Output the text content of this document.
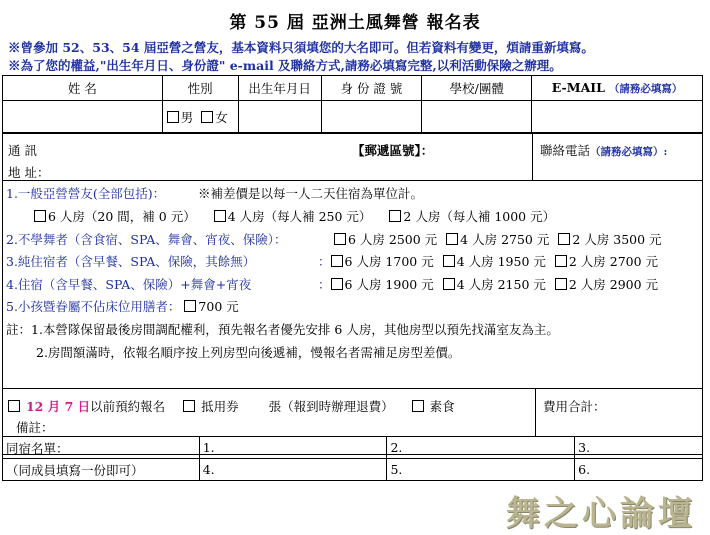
第 55 屆 亞洲土風舞營 報名表
※曾參加 52、53、54 屆亞營之營友，基本資料只須填您的大名即可。但若資料有變更，煩請重新填寫。
※為了您的權益,"出生年月日、身份證" e-mail 及聯絡方式,請務必填寫完整,以利活動保險之辦理。
姓 名	性別	出生年月日	身 份 證 號	學校/團體	E-MAIL （請務必填寫）
	男 女				
通 訊
地 址：
【郵遞區號】：	聯絡電話（請務必填寫）:
1.一般亞營營友(全部包括)：	※補差價是以每一人二天住宿為單位計。
6 人房（20 間，補 0 元）	4 人房（每人補 250 元）	2 人房（每人補 1000 元）
2.不學舞者（含食宿、SPA、舞會、宵夜、保險）：	6 人房 2500 元 4 人房 2750 元 2 人房 3500 元
3.純住宿者（含早餐、SPA、保險，其餘無）	： 6 人房 1700 元 4 人房 1950 元 2 人房 2700 元
4.住宿（含早餐、SPA、保險）+舞會+宵夜	： 6 人房 1900 元 4 人房 2150 元 2 人房 2900 元
5.小孩暨眷屬不佔床位用膳者： 700 元
註：1.本營隊保留最後房間調配權利，預先報名者優先安排 6 人房，其他房型以預先找滿室友為主。
2.房間額滿時，依報名順序按上列房型向後遞補，慢報名者需補足房型差價。
12 月 7 日以前預約報名	抵用券 張（報到時辦理退費）	素食	費用合計：
備註：
同宿名單：	1.	2.	3.
（同成員填寫一份即可）	4.	5.	6.
舞之心論壇
